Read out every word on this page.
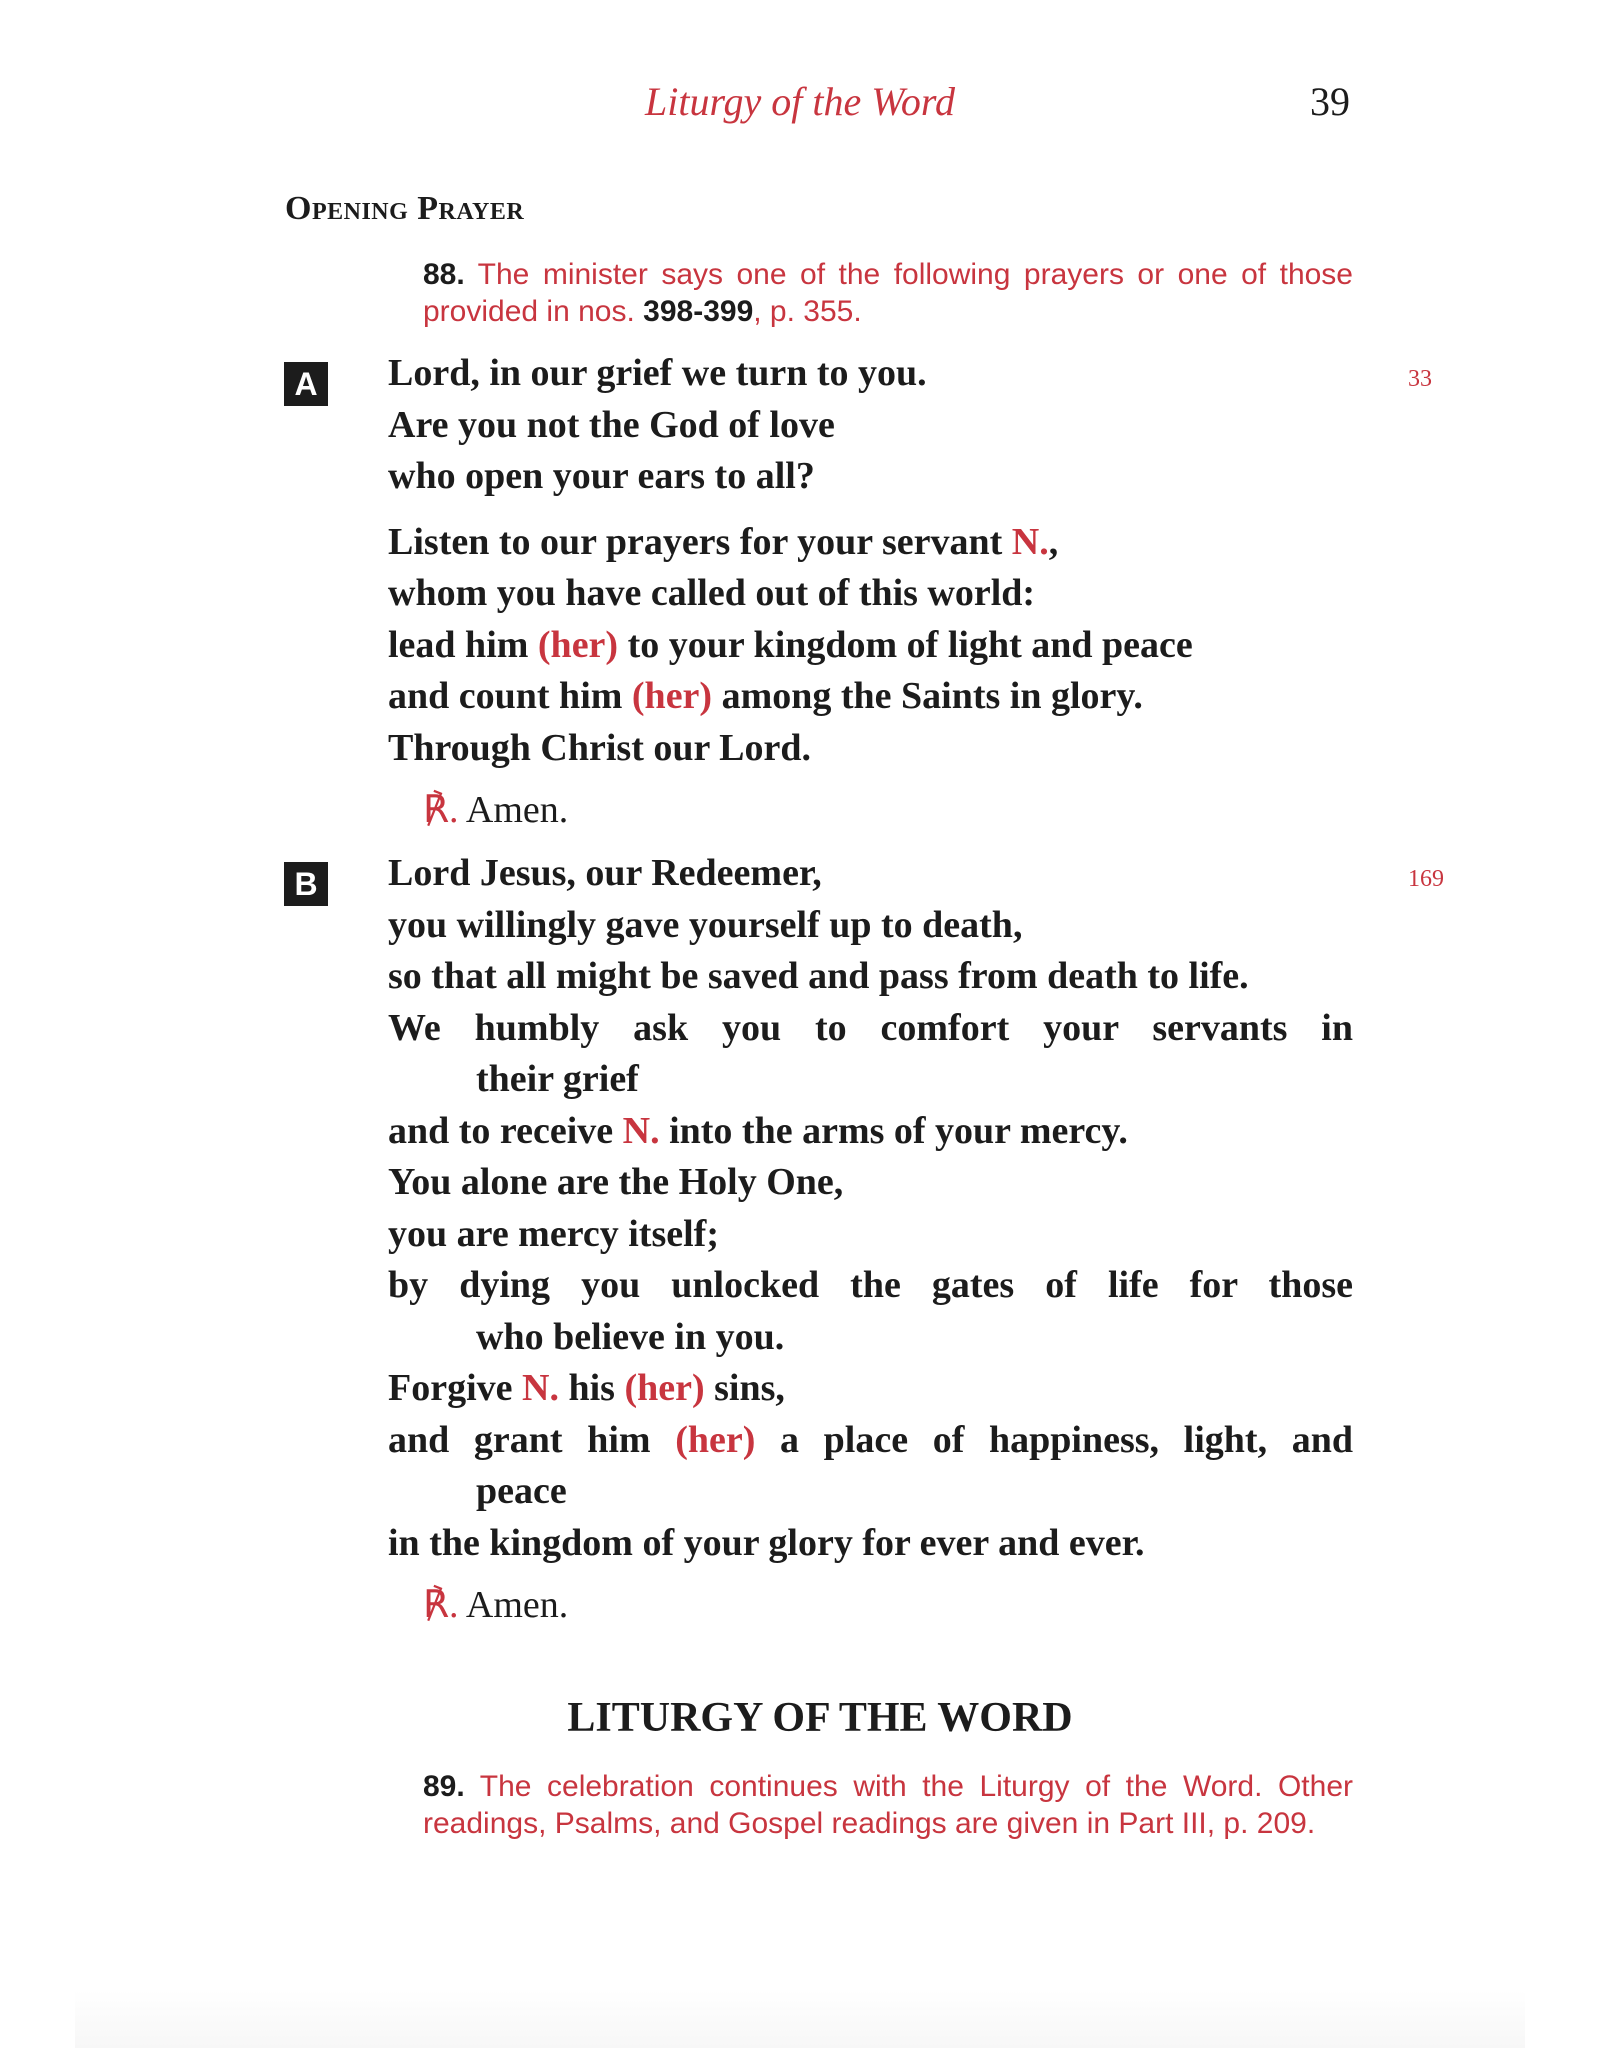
Liturgy of the Word	39
Opening Prayer
88. The minister says one of the following prayers or one of those provided in nos. 398-399, p. 355.
A	33
Lord, in our grief we turn to you.
Are you not the God of love
who open your ears to all?
Listen to our prayers for your servant N.,
whom you have called out of this world:
lead him (her) to your kingdom of light and peace
and count him (her) among the Saints in glory.
Through Christ our Lord.
℟. Amen.
B	169
Lord Jesus, our Redeemer,
you willingly gave yourself up to death,
so that all might be saved and pass from death to life.
We humbly ask you to comfort your servants in
their grief
and to receive N. into the arms of your mercy.
You alone are the Holy One,
you are mercy itself;
by dying you unlocked the gates of life for those
who believe in you.
Forgive N. his (her) sins,
and grant him (her) a place of happiness, light, and
peace
in the kingdom of your glory for ever and ever.
℟. Amen.
LITURGY OF THE WORD
89. The celebration continues with the Liturgy of the Word. Other readings, Psalms, and Gospel readings are given in Part III, p. 209.
